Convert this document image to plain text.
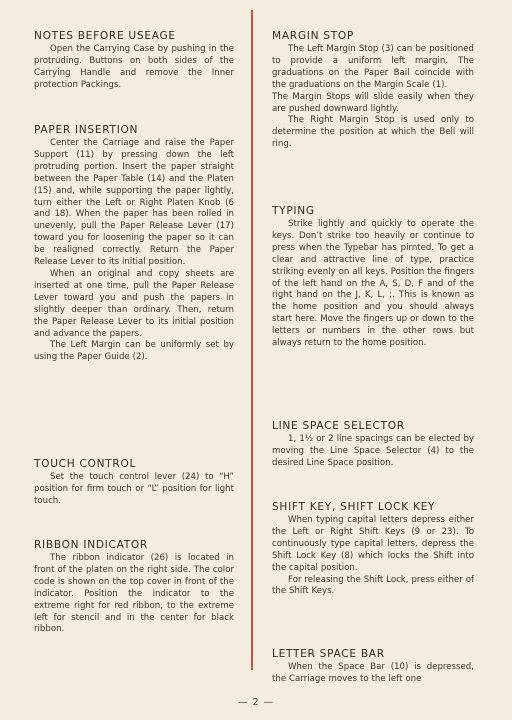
NOTES BEFORE USEAGE

Open the Carrying Case by pushing in the protruding. Buttons on both sides of the Carrying Handle and remove the Inner protection Packings.

PAPER INSERTION

Center the Carriage and raise the Paper Support (11) by pressing down the left protruding portion. Insert the paper straight between the Paper Table (14) and the Platen (15) and, while supporting the paper lightly, turn either the Left or Right Platen Knob (6 and 18). When the paper has been rolled in unevenly, pull the Paper Release Lever (17) toward you for loosening the paper so it can be realigned correctly. Return the Paper Release Lever to its initial position.

When an original and copy sheets are inserted at one time, pull the Paper Release Lever toward you and push the papers in slightly deeper than ordinary. Then, return the Paper Release Lever to its initial position and advance the papers.

The Left Margin can be uniformly set by using the Paper Guide (2).

TOUCH CONTROL

Set the touch control lever (24) to “H” position for firm touch or “L” position for light touch.

RIBBON INDICATOR

The ribbon indicator (26) is located in front of the platen on the right side. The color code is shown on the top cover in front of the indicator. Position the indicator to the extreme right for red ribbon, to the extreme left for stencil and in the center for black ribbon.

MARGIN STOP

The Left Margin Stop (3) can be positioned to provide a uniform left margin. The graduations on the Paper Bail coincide with the graduations on the Margin Scale (1).

The Margin Stops will slide easily when they are pushed downward lightly.

The Right Margin Stop is used only to determine the position at which the Bell will ring.

TYPING

Strike lightly and quickly to operate the keys. Don’t strike too heavily or continue to press when the Typebar has pirnted. To get a clear and attractive line of type, practice striking evenly on all keys. Position the fingers of the left hand on the A, S, D, F and of the right hand on the J, K, L, ;. This is known as the home position and you should always start here. Move the fingers up or down to the letters or numbers in the other rows but always return to the home position.

LINE SPACE SELECTOR

1, 1½ or 2 line spacings can be elected by moving the Line Space Selector (4) to the desired Line Space position.

SHIFT KEY, SHIFT LOCK KEY

When typing capital letters depress either the Left or Right Shift Keys (9 or 23). To continuously type capital letters, depress the Shift Lock Key (8) which locks the Shift into the capital position.

For releasing the Shift Lock, press either of the Shift Keys.

LETTER SPACE BAR

When the Space Bar (10) is depressed, the Carriage moves to the left one

— 2 —
